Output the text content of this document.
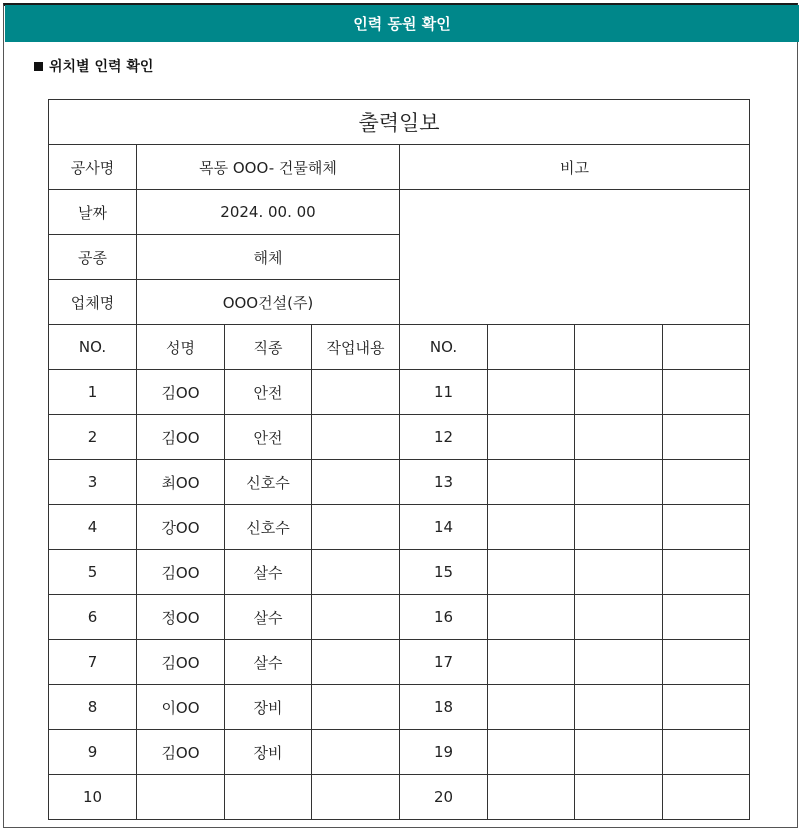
인력 동원 확인
위치별 인력 확인
출력일보							
공사명	목동 OOO- 건물해체			비고			
날짜	2024. 00. 00						
공종	해체						
업체명	OOO건설(주)						
NO.	성명	직종	작업내용	NO.			
1	김OO	안전		11			
2	김OO	안전		12			
3	최OO	신호수		13			
4	강OO	신호수		14			
5	김OO	살수		15			
6	정OO	살수		16			
7	김OO	살수		17			
8	이OO	장비		18			
9	김OO	장비		19			
10				20			
